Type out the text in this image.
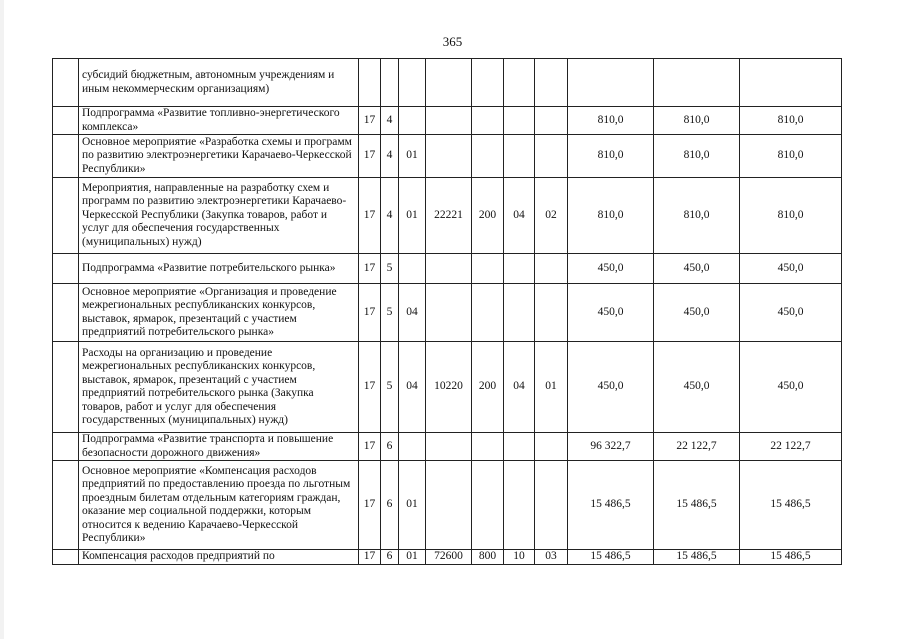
365
	субсидий бюджетным, автономным учреждениям и иным некоммерческим организациям)										
	Подпрограмма «Развитие топливно-энергетического комплекса»	17	4						810,0	810,0	810,0
	Основное мероприятие «Разработка схемы и программ по развитию электроэнергетики Карачаево-Черкесской Республики»	17	4	01					810,0	810,0	810,0
	Мероприятия, направленные на разработку схем и программ по развитию электроэнергетики Карачаево-Черкесской Республики (Закупка товаров, работ и услуг для обеспечения государственных (муниципальных) нужд)	17	4	01	22221	200	04	02	810,0	810,0	810,0
	Подпрограмма «Развитие потребительского рынка»	17	5						450,0	450,0	450,0
	Основное мероприятие «Организация и проведение межрегиональных республиканских конкурсов, выставок, ярмарок, презентаций с участием предприятий потребительского рынка»	17	5	04					450,0	450,0	450,0
	Расходы на организацию и проведение межрегиональных республиканских конкурсов, выставок, ярмарок, презентаций с участием предприятий потребительского рынка (Закупка товаров, работ и услуг для обеспечения государственных (муниципальных) нужд)	17	5	04	10220	200	04	01	450,0	450,0	450,0
	Подпрограмма «Развитие транспорта и повышение безопасности дорожного движения»	17	6						96 322,7	22 122,7	22 122,7
	Основное мероприятие «Компенсация расходов предприятий по предоставлению проезда по льготным проездным билетам отдельным категориям граждан, оказание мер социальной поддержки, которым относится к ведению Карачаево-Черкесской Республики»	17	6	01					15 486,5	15 486,5	15 486,5
	Компенсация расходов предприятий по	17	6	01	72600	800	10	03	15 486,5	15 486,5	15 486,5
